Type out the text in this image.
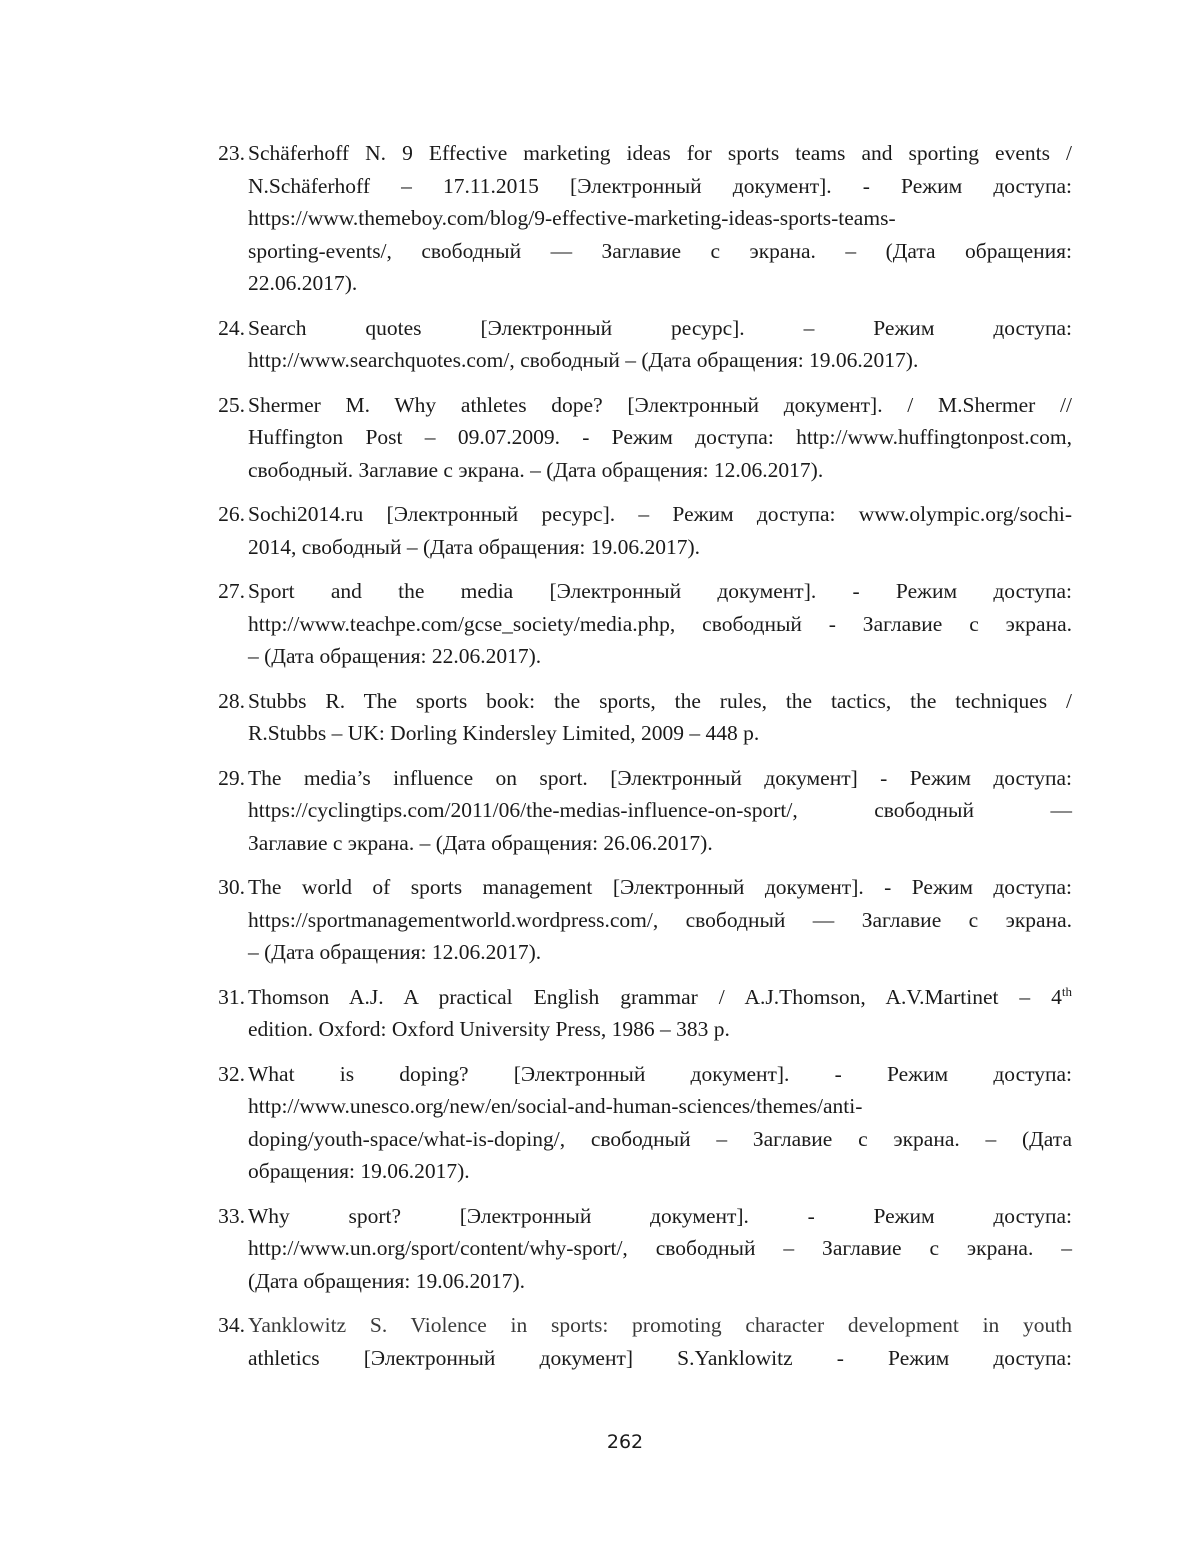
23. Schäferhoff N. 9 Effective marketing ideas for sports teams and sporting events /
N.Schäferhoff – 17.11.2015 [Электронный документ]. - Режим доступа:
https://www.themeboy.com/blog/9-effective-marketing-ideas-sports-teams-
sporting-events/, свободный — Заглавие с экрана. – (Дата обращения:
22.06.2017).
24. Search quotes [Электронный ресурс]. – Режим доступа:
http://www.searchquotes.com/, свободный – (Дата обращения: 19.06.2017).
25. Shermer M. Why athletes dope? [Электронный документ]. / M.Shermer //
Huffington Post – 09.07.2009. - Режим доступа: http://www.huffingtonpost.com,
свободный. Заглавие с экрана. – (Дата обращения: 12.06.2017).
26. Sochi2014.ru [Электронный ресурс]. – Режим доступа: www.olympic.org/sochi-
2014, свободный – (Дата обращения: 19.06.2017).
27. Sport and the media [Электронный документ]. - Режим доступа:
http://www.teachpe.com/gcse_society/media.php, свободный - Заглавие с экрана.
– (Дата обращения: 22.06.2017).
28. Stubbs R. The sports book: the sports, the rules, the tactics, the techniques /
R.Stubbs – UK: Dorling Kindersley Limited, 2009 – 448 p.
29. The media’s influence on sport. [Электронный документ] - Режим доступа:
https://cyclingtips.com/2011/06/the-medias-influence-on-sport/, свободный —
Заглавие с экрана. – (Дата обращения: 26.06.2017).
30. The world of sports management [Электронный документ]. - Режим доступа:
https://sportmanagementworld.wordpress.com/, свободный — Заглавие с экрана.
– (Дата обращения: 12.06.2017).
31. Thomson A.J. A practical English grammar / A.J.Thomson, A.V.Martinet – 4th
edition. Oxford: Oxford University Press, 1986 – 383 p.
32. What is doping? [Электронный документ]. - Режим доступа:
http://www.unesco.org/new/en/social-and-human-sciences/themes/anti-
doping/youth-space/what-is-doping/, свободный – Заглавие с экрана. – (Дата
обращения: 19.06.2017).
33. Why sport? [Электронный документ]. - Режим доступа:
http://www.un.org/sport/content/why-sport/, свободный – Заглавие с экрана. –
(Дата обращения: 19.06.2017).
34. Yanklowitz S. Violence in sports: promoting character development in youth
athletics [Электронный документ] S.Yanklowitz - Режим доступа:
262
